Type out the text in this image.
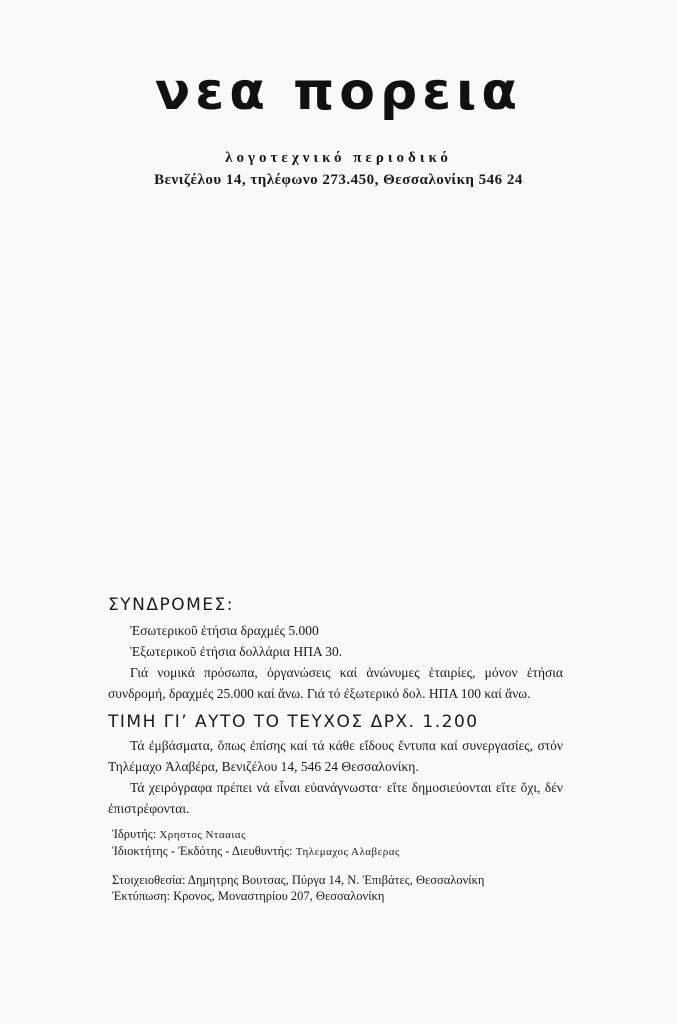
νεα πορεια
λογοτεχνικό περιοδικό
Βενιζέλου 14, τηλέφωνο 273.450, Θεσσαλονίκη 546 24
ΣΥΝΔΡΟΜΕΣ:
Ἐσωτερικοῦ ἐτήσια δραχμές 5.000
Ἐξωτερικοῦ ἐτήσια δολλάρια ΗΠΑ 30.
Γιά νομικά πρόσωπα, ὀργανώσεις καί ἀνώνυμες ἑταιρίες, μόνον ἐτήσια συνδρομή, δραχμές 25.000 καί ἄνω. Γιά τό ἐξωτερικό δολ. ΗΠΑ 100 καί ἄνω.
ΤΙΜΗ ΓΙ’ ΑΥΤΟ ΤΟ ΤΕΥΧΟΣ ΔΡΧ. 1.200
Τά ἐμβάσματα, ὅπως ἐπίσης καί τά κάθε εἴδους ἔντυπα καί συνεργασίες, στόν Τηλέμαχο Ἀλαβέρα, Βενιζέλου 14, 546 24 Θεσσαλονίκη.
Τά χειρόγραφα πρέπει νά εἶναι εὐανάγνωστα· εἴτε δημοσιεύονται εἴτε ὄχι, δέν ἐπιστρέφονται.
Ἱδρυτής: Χρηστος Ντααιας
Ἰδιοκτήτης - Ἐκδότης - Διευθυντής: Τηλεμαχος Αλαβερας
Στοιχειοθεσία: Δημητρης Βουτσας, Πύργα 14, Ν. Ἐπιβάτες, Θεσσαλονίκη
Ἐκτύπωση: Κρονος, Μοναστηρίου 207, Θεσσαλονίκη
